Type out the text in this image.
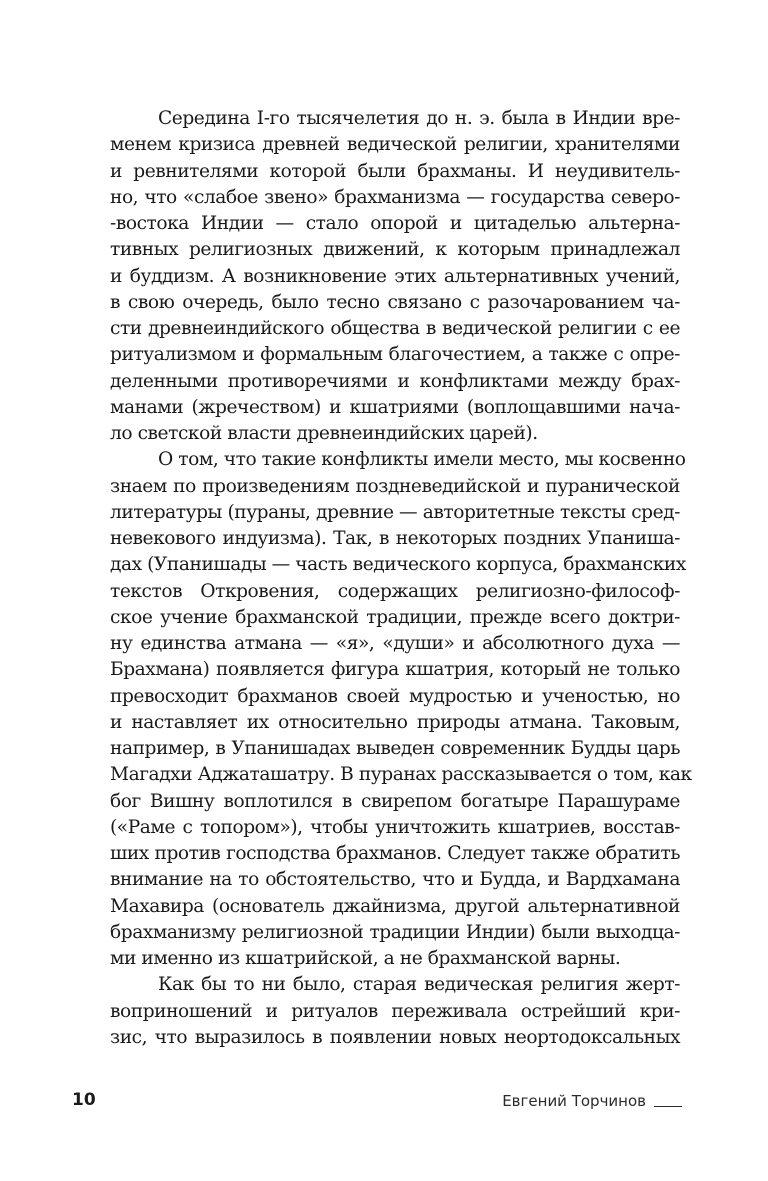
Середина I-го тысячелетия до н. э. была в Индии вре-
менем кризиса древней ведической религии, хранителями
и ревнителями которой были брахманы. И неудивитель-
но, что «слабое звено» брахманизма — государства северо-
-востока Индии — стало опорой и цитаделью альтерна-
тивных религиозных движений, к которым принадлежал
и буддизм. А возникновение этих альтернативных учений,
в свою очередь, было тесно связано с разочарованием ча-
сти древнеиндийского общества в ведической религии с ее
ритуализмом и формальным благочестием, а также с опре-
деленными противоречиями и конфликтами между брах-
манами (жречеством) и кшатриями (воплощавшими нача-
ло светской власти древнеиндийских царей).
О том, что такие конфликты имели место, мы косвенно
знаем по произведениям поздневедийской и пуранической
литературы (пураны, древние — авторитетные тексты сред-
невекового индуизма). Так, в некоторых поздних Упаниша-
дах (Упанишады — часть ведического корпуса, брахманских
текстов Откровения, содержащих религиозно-философ-
ское учение брахманской традиции, прежде всего доктри-
ну единства атмана — «я», «души» и абсолютного духа —
Брахмана) появляется фигура кшатрия, который не только
превосходит брахманов своей мудростью и ученостью, но
и наставляет их относительно природы атмана. Таковым,
например, в Упанишадах выведен современник Будды царь
Магадхи Аджаташатру. В пуранах рассказывается о том, как
бог Вишну воплотился в свирепом богатыре Парашураме
(«Раме с топором»), чтобы уничтожить кшатриев, восстав-
ших против господства брахманов. Следует также обратить
внимание на то обстоятельство, что и Будда, и Вардхамана
Махавира (основатель джайнизма, другой альтернативной
брахманизму религиозной традиции Индии) были выходца-
ми именно из кшатрийской, а не брахманской варны.
Как бы то ни было, старая ведическая религия жерт-
вoприношений и ритуалов переживала острейший кри-
зис, что выразилось в появлении новых неортодоксальных
10	Евгений Торчинов
